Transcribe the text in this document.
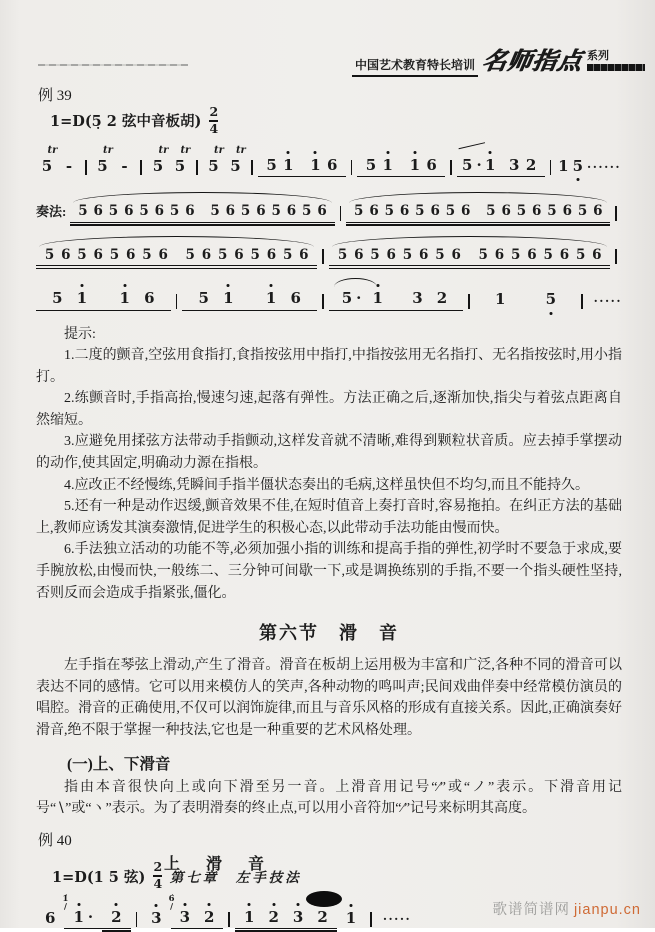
中国艺术教育特长培训 名师指点 系列
例 39
1=D(5̣ 2 弦中音板胡)
2
4
5
tr
- 5
tr
- 5
tr
5
tr
5
tr
5
tr
5 1 1 6 5 1 1 6 5 · 1 3 2 1 5 ······
奏法: 5 6 5 6 5 6 5 6 5 6 5 6 5 6 5 6 5 6 5 6 5 6 5 6 5 6 5 6 5 6 5 6
5 6 5 6 5 6 5 6 5 6 5 6 5 6 5 6 5 6 5 6 5 6 5 6 5 6 5 6 5 6 5 6
5 1 1 6	5 1 1 6	5 · 1 3 2	1	5	·····

提示:

1.二度的颤音,空弦用食指打,食指按弦用中指打,中指按弦用无名指打、无名指按弦时,用小指打。

2.练颤音时,手指高抬,慢速匀速,起落有弹性。方法正确之后,逐渐加快,指尖与着弦点距离自然缩短。

3.应避免用揉弦方法带动手指颤动,这样发音就不清晰,难得到颗粒状音质。应去掉手掌摆动的动作,使其固定,明确动力源在指根。

4.应改正不经慢练,凭瞬间手指半僵状态奏出的毛病,这样虽快但不均匀,而且不能持久。

5.还有一种是动作迟缓,颤音效果不佳,在短时值音上奏打音时,容易拖拍。在纠正方法的基础上,教师应诱发其演奏激情,促进学生的积极心态,以此带动手法功能由慢而快。

6.手法独立活动的功能不等,必须加强小指的训练和提高手指的弹性,初学时不要急于求成,要手腕放松,由慢而快,一般练二、三分钟可间歇一下,或是调换练别的手指,不要一个指头硬性坚持,否则反而会造成手指紧张,僵化。

第六节　滑　音

左手指在琴弦上滑动,产生了滑音。滑音在板胡上运用极为丰富和广泛,各种不同的滑音可以表达不同的感情。它可以用来模仿人的笑声,各种动物的鸣叫声;民间戏曲伴奏中经常模仿演员的唱腔。滑音的正确使用,不仅可以润饰旋律,而且与音乐风格的形成有直接关系。因此,正确演奏好滑音,绝不限于掌握一种技法,它也是一种重要的艺术风格处理。

(一)上、下滑音

指由本音很快向上或向下滑至另一音。上滑音用记号“∕”或“ノ”表示。下滑音用记号“∖”或“ヽ”表示。为了表明滑奏的终止点,可以用小音符加“∕”记号来标明其高度。

例 40
上　滑　音
1=D(1 5 弦)
2
4
6
1̇
∕
1 · 2 3
6̇
∕
3 2 1 2 3 2 1 ·····
第七章　左手技法
歌谱简谱网 jianpu.cn
